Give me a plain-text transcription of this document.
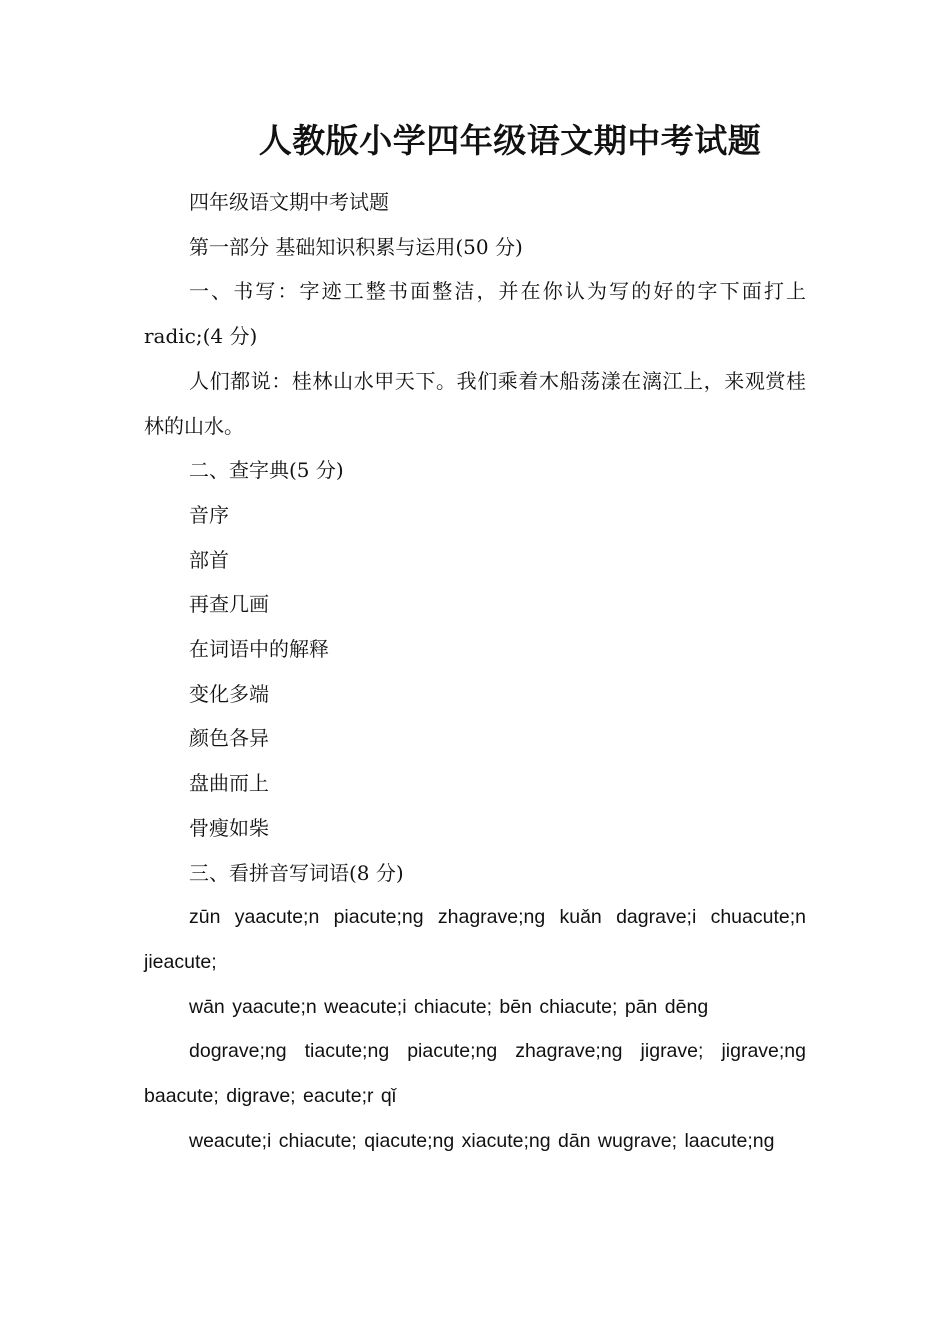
人教版小学四年级语文期中考试题

四年级语文期中考试题

第一部分 基础知识积累与运用(50 分)

一、书写：字迹工整书面整洁，并在你认为写的好的字下面打上 radic;(4 分)

人们都说：桂林山水甲天下。我们乘着木船荡漾在漓江上，来观赏桂林的山水。

二、查字典(5 分)

音序

部首

再查几画

在词语中的解释

变化多端

颜色各异

盘曲而上

骨瘦如柴

三、看拼音写词语(8 分)

zūn yaacute;n piacute;ng zhagrave;ng kuǎn dagrave;i chuacute;n jieacute;

wān yaacute;n weacute;i chiacute; bēn chiacute; pān dēng

dograve;ng tiacute;ng piacute;ng zhagrave;ng jigrave; jigrave;ng baacute; digrave; eacute;r qǐ

weacute;i chiacute; qiacute;ng xiacute;ng dān wugrave; laacute;ng
